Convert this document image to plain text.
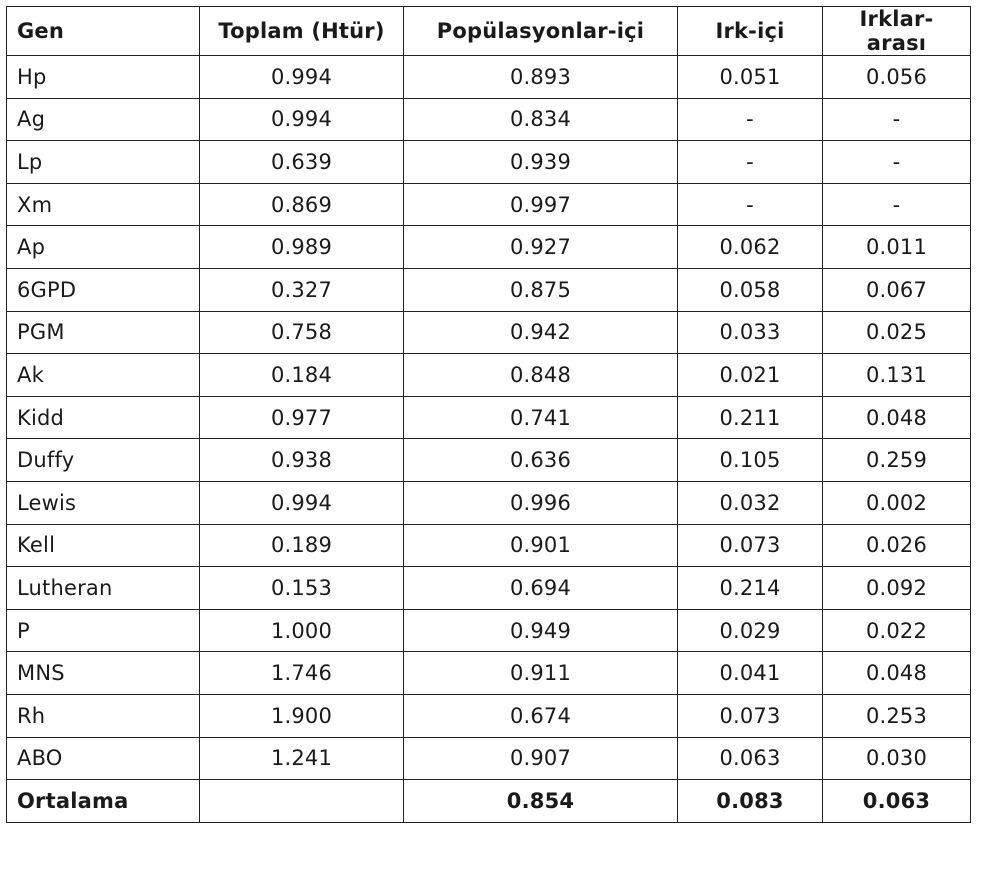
Gen	Toplam (Htür)	Popülasyonlar-içi	Irk-içi	Irklar-arası
Hp	0.994	0.893	0.051	0.056
Ag	0.994	0.834	-	-
Lp	0.639	0.939	-	-
Xm	0.869	0.997	-	-
Ap	0.989	0.927	0.062	0.011
6GPD	0.327	0.875	0.058	0.067
PGM	0.758	0.942	0.033	0.025
Ak	0.184	0.848	0.021	0.131
Kidd	0.977	0.741	0.211	0.048
Duffy	0.938	0.636	0.105	0.259
Lewis	0.994	0.996	0.032	0.002
Kell	0.189	0.901	0.073	0.026
Lutheran	0.153	0.694	0.214	0.092
P	1.000	0.949	0.029	0.022
MNS	1.746	0.911	0.041	0.048
Rh	1.900	0.674	0.073	0.253
ABO	1.241	0.907	0.063	0.030
Ortalama		0.854	0.083	0.063
